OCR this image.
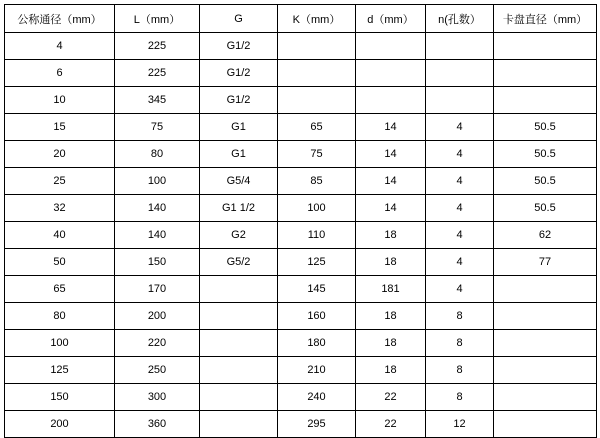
公称通径（mm）	L（mm）	G	K（mm）	d（mm）	n(孔数）	卡盘直径（mm）
4	225	G1/2				
6	225	G1/2				
10	345	G1/2				
15	75	G1	65	14	4	50.5
20	80	G1	75	14	4	50.5
25	100	G5/4	85	14	4	50.5
32	140	G1 1/2	100	14	4	50.5
40	140	G2	110	18	4	62
50	150	G5/2	125	18	4	77
65	170		145	181	4	
80	200		160	18	8	
100	220		180	18	8	
125	250		210	18	8	
150	300		240	22	8	
200	360		295	22	12	
